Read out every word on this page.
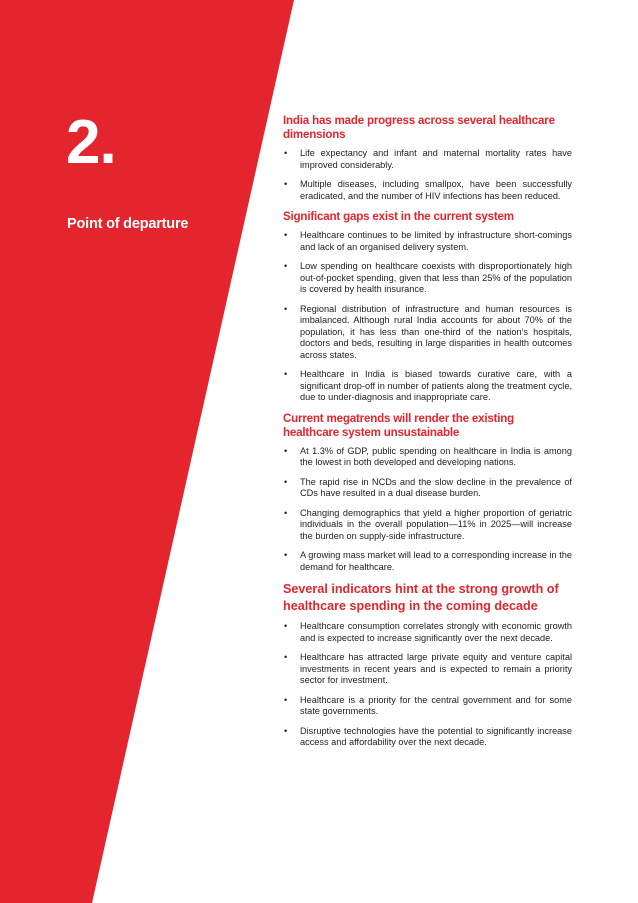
2.
Point of departure
India has made progress across several healthcare dimensions
• Life expectancy and infant and maternal mortality rates have improved considerably.
• Multiple diseases, including smallpox, have been successfully eradicated, and the number of HIV infections has been reduced.
Significant gaps exist in the current system
• Healthcare continues to be limited by infrastructure short-comings and lack of an organised delivery system.
• Low spending on healthcare coexists with disproportionately high out-of-pocket spending, given that less than 25% of the population is covered by health insurance.
• Regional distribution of infrastructure and human resources is imbalanced. Although rural India accounts for about 70% of the population, it has less than one-third of the nation’s hospitals, doctors and beds, resulting in large disparities in health outcomes across states.
• Healthcare in India is biased towards curative care, with a significant drop-off in number of patients along the treatment cycle, due to under-diagnosis and inappropriate care.
Current megatrends will render the existing healthcare system unsustainable
• At 1.3% of GDP, public spending on healthcare in India is among the lowest in both developed and developing nations.
• The rapid rise in NCDs and the slow decline in the prevalence of CDs have resulted in a dual disease burden.
• Changing demographics that yield a higher proportion of geriatric individuals in the overall population—11% in 2025—will increase the burden on supply-side infrastructure.
• A growing mass market will lead to a corresponding increase in the demand for healthcare.
Several indicators hint at the strong growth of healthcare spending in the coming decade
• Healthcare consumption correlates strongly with economic growth and is expected to increase significantly over the next decade.
• Healthcare has attracted large private equity and venture capital investments in recent years and is expected to remain a priority sector for investment.
• Healthcare is a priority for the central government and for some state governments.
• Disruptive technologies have the potential to significantly increase access and affordability over the next decade.
